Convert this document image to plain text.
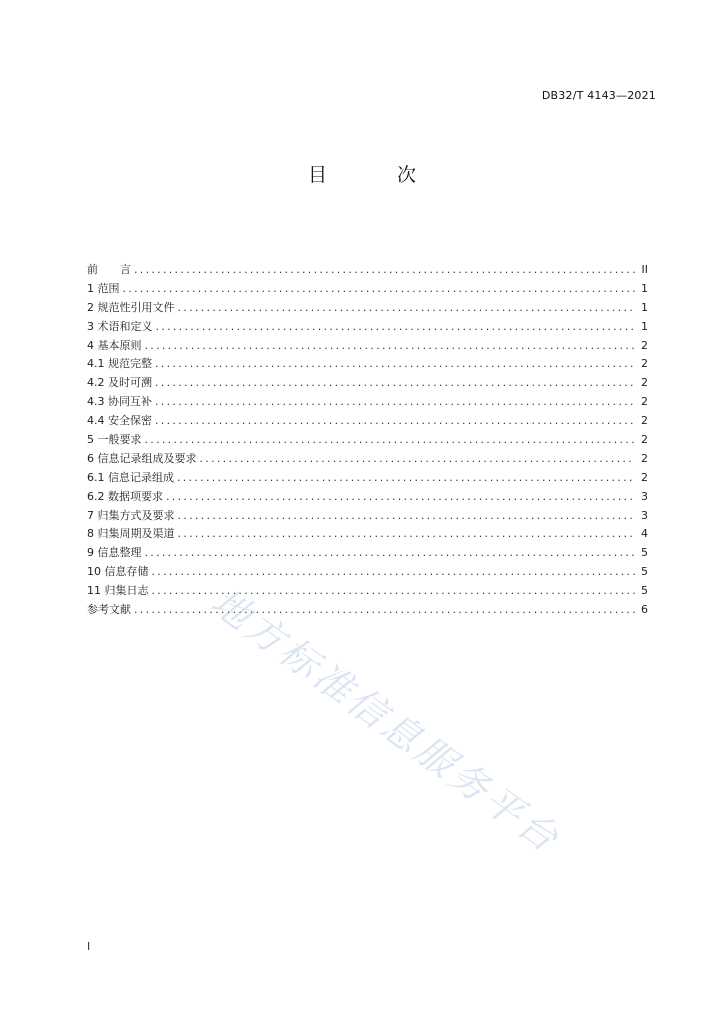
DB32/T 4143—2021
目 次
前　　言 . . .	II
1 范围 . . .	1
2 规范性引用文件 . . .	1
3 术语和定义 . . .	1
4 基本原则 . . .	2
4.1 规范完整 . . .	2
4.2 及时可溯 . . .	2
4.3 协同互补 . . .	2
4.4 安全保密 . . .	2
5 一般要求 . . .	2
6 信息记录组成及要求 . . .	2
6.1 信息记录组成 . . .	2
6.2 数据项要求 . . .	3
7 归集方式及要求 . . .	3
8 归集周期及渠道 . . .	4
9 信息整理 . . .	5
10 信息存储 . . .	5
11 归集日志 . . .	5
参考文献 . . .	6
地方标准信息服务平台
I
